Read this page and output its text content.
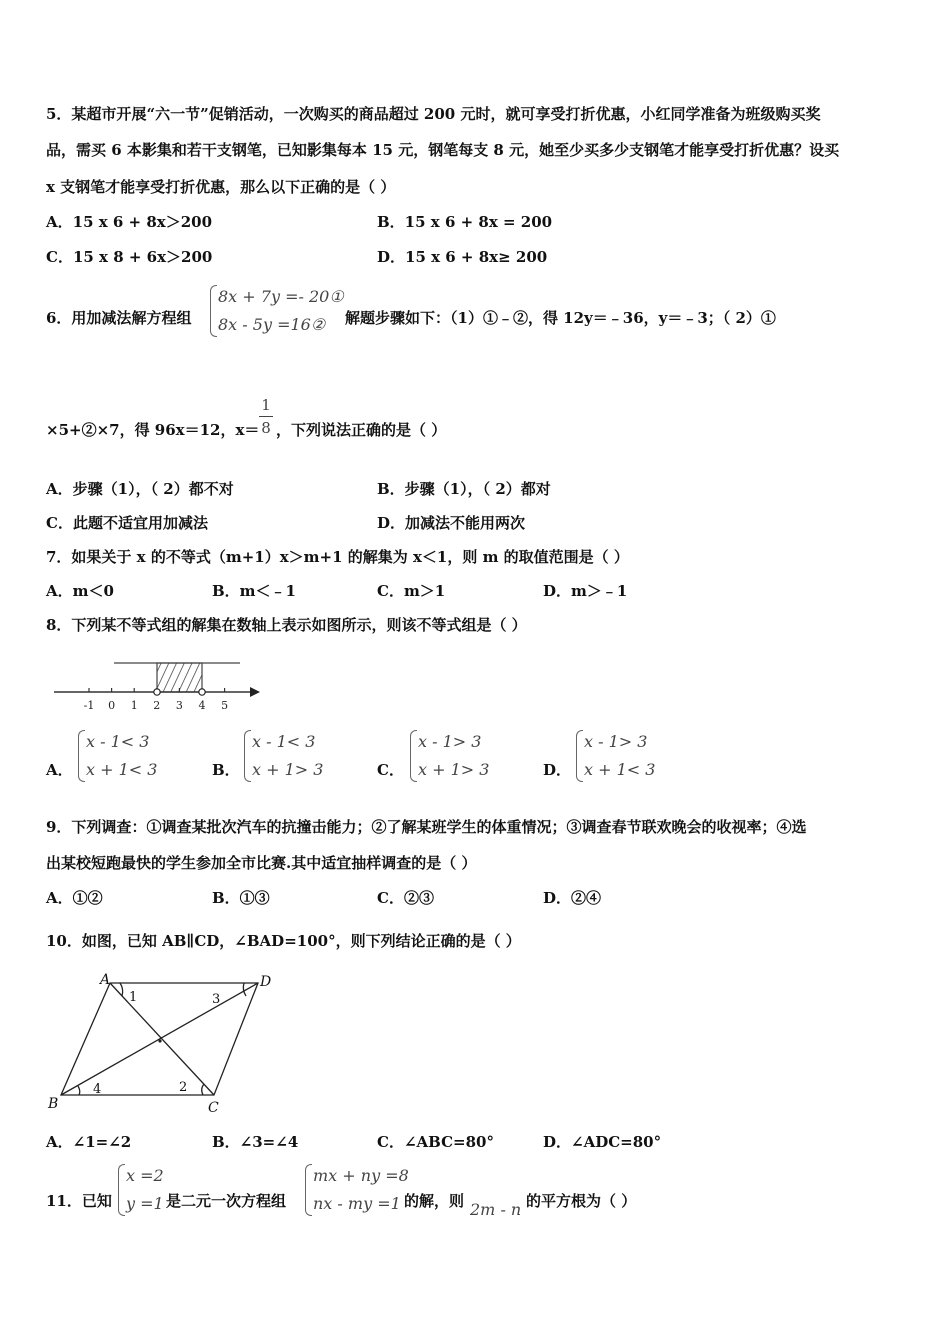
5．某超市开展“六一节”促销活动，一次购买的商品超过 200 元时，就可享受打折优惠，小红同学准备为班级购买奖
品，需买 6 本影集和若干支钢笔，已知影集每本 15 元，钢笔每支 8 元，她至少买多少支钢笔才能享受打折优惠？设买
x 支钢笔才能享受打折优惠，那么以下正确的是（ ）
A．15 x 6 + 8x＞200	B．15 x 6 + 8x = 200
C．15 x 8 + 6x＞200	D．15 x 6 + 8x≥ 200
6．用加减法解方程组
8x + 7y =- 20①
8x - 5y =16②	解题步骤如下：（1）①﹣②，得 12y＝﹣36，y＝﹣3；（ 2）①
×5+②×7，得 96x＝12，x＝
1
8 ，下列说法正确的是（ ）
A．步骤（1），（ 2）都不对	B．步骤（1），（ 2）都对
C．此题不适宜用加减法	D．加减法不能用两次
7．如果关于 x 的不等式（m+1）x＞m+1 的解集为 x＜1，则 m 的取值范围是（ ）
A．m＜0	B．m＜﹣1	C．m＞1	D．m＞﹣1
8．下列某不等式组的解集在数轴上表示如图所示，则该不等式组是（ ）
-1 0 1 2 3 4 5
A．
x - 1< 3
x + 1< 3	B．
x - 1< 3
x + 1> 3	C．
x - 1> 3
x + 1> 3	D．
x - 1> 3
x + 1< 3
9．下列调查：①调查某批次汽车的抗撞击能力；②了解某班学生的体重情况；③调查春节联欢晚会的收视率；④选
出某校短跑最快的学生参加全市比赛.其中适宜抽样调查的是（ ）
A．①②	B．①③	C．②③	D．②④
10．如图，已知 AB∥CD，∠BAD=100°，则下列结论正确的是（ ）
A	D
B	C
1	3
2
4
A．∠1=∠2	B．∠3=∠4	C．∠ABC=80°	D．∠ADC=80°
11．已知
x =2
y =1 是二元一次方程组
mx + ny =8
nx - my =1 的解，则 2m - n 的平方根为（ ）
